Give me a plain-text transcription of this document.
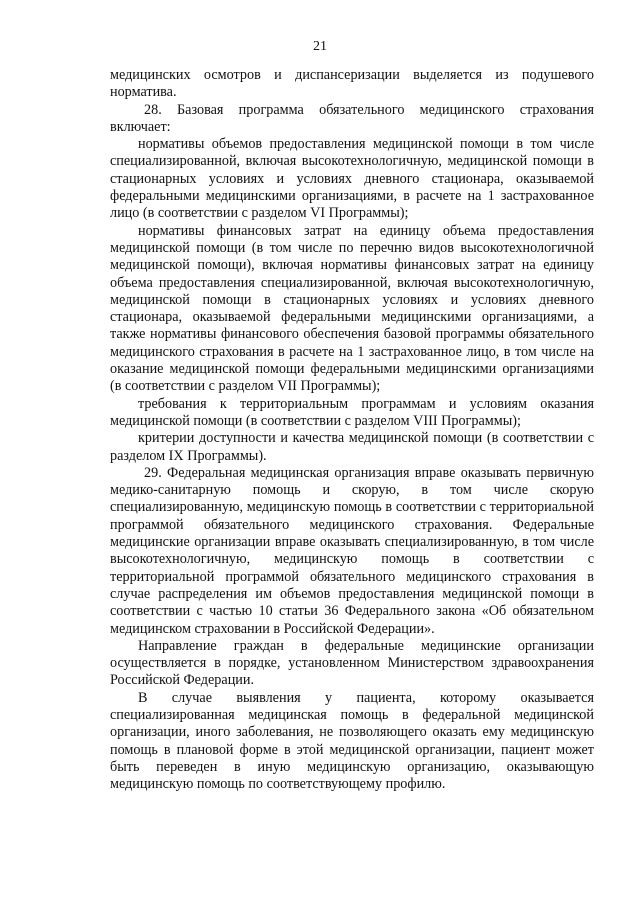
21

медицинских осмотров и диспансеризации выделяется из подушевого норматива.

28. Базовая программа обязательного медицинского страхования включает:

нормативы объемов предоставления медицинской помощи в том числе специализированной, включая высокотехнологичную, медицинской помощи в стационарных условиях и условиях дневного стационара, оказываемой федеральными медицинскими организациями, в расчете на 1 застрахованное лицо (в соответствии с разделом VI Программы);

нормативы финансовых затрат на единицу объема предоставления медицинской помощи (в том числе по перечню видов высокотехнологичной медицинской помощи), включая нормативы финансовых затрат на единицу объема предоставления специализированной, включая высокотехнологичную, медицинской помощи в стационарных условиях и условиях дневного стационара, оказываемой федеральными медицинскими организациями, а также нормативы финансового обеспечения базовой программы обязательного медицинского страхования в расчете на 1 застрахованное лицо, в том числе на оказание медицинской помощи федеральными медицинскими организациями (в соответствии с разделом VII Программы);

требования к территориальным программам и условиям оказания медицинской помощи (в соответствии с разделом VIII Программы);

критерии доступности и качества медицинской помощи (в соответствии с разделом IX Программы).

29. Федеральная медицинская организация вправе оказывать первичную медико-санитарную помощь и скорую, в том числе скорую специализированную, медицинскую помощь в соответствии с территориальной программой обязательного медицинского страхования. Федеральные медицинские организации вправе оказывать специализированную, в том числе высокотехнологичную, медицинскую помощь в соответствии с территориальной программой обязательного медицинского страхования в случае распределения им объемов предоставления медицинской помощи в соответствии с частью 10 статьи 36 Федерального закона «Об обязательном медицинском страховании в Российской Федерации».

Направление граждан в федеральные медицинские организации осуществляется в порядке, установленном Министерством здравоохранения Российской Федерации.

В случае выявления у пациента, которому оказывается специализированная медицинская помощь в федеральной медицинской организации, иного заболевания, не позволяющего оказать ему медицинскую помощь в плановой форме в этой медицинской организации, пациент может быть переведен в иную медицинскую организацию, оказывающую медицинскую помощь по соответствующему профилю.
